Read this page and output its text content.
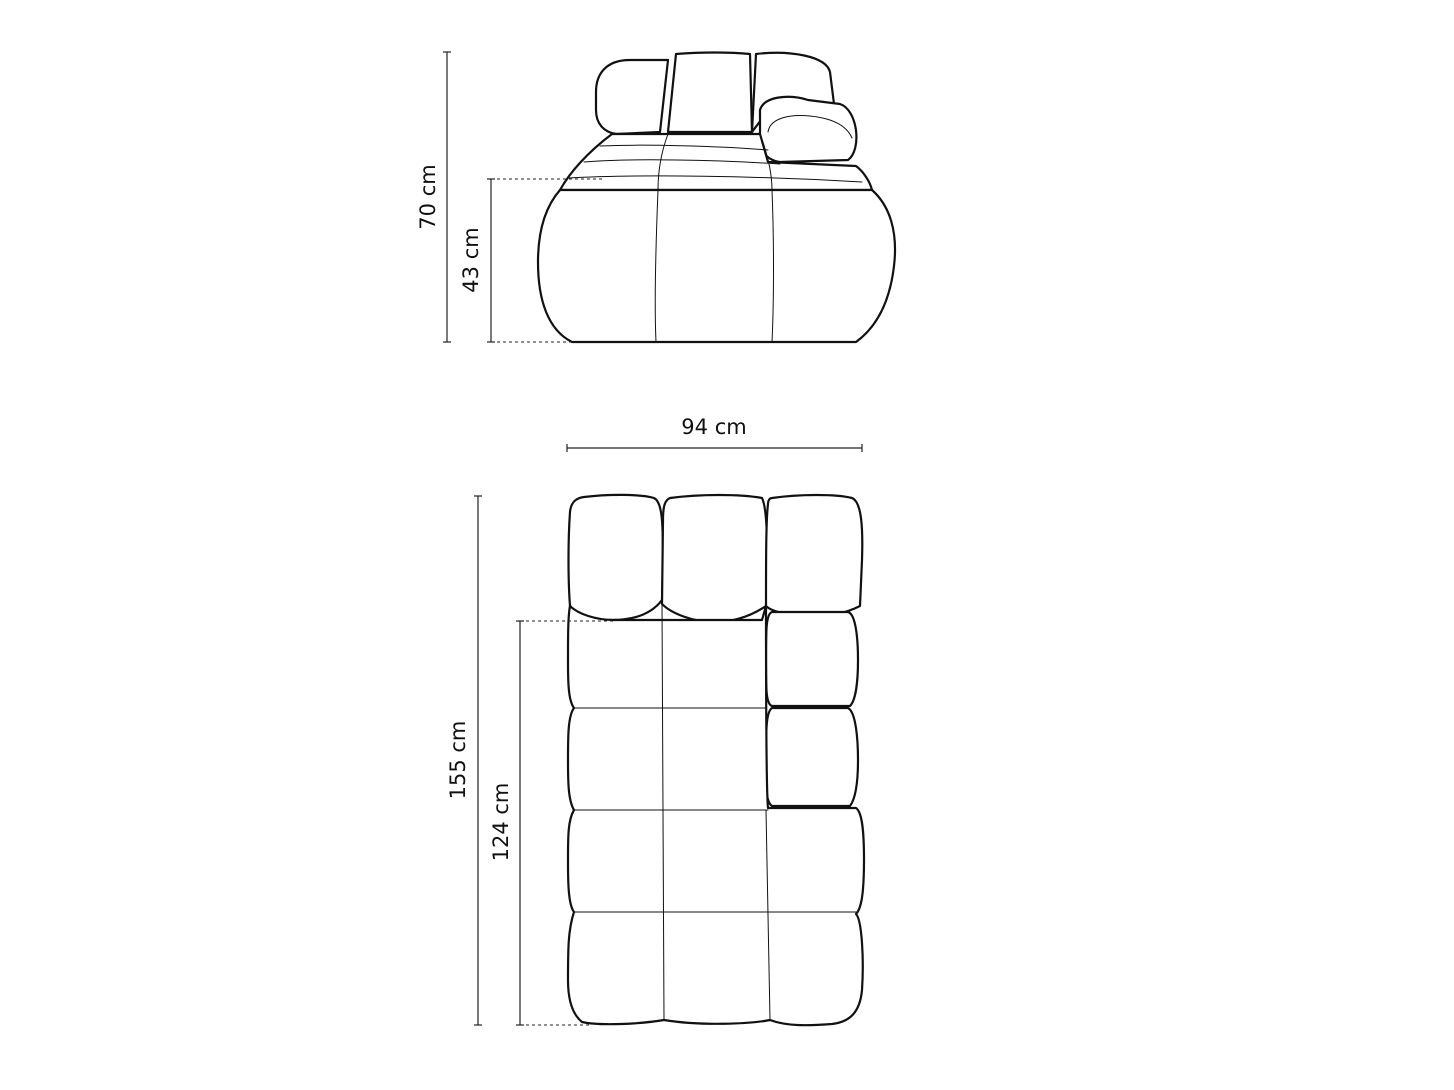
70 cm
43 cm
94 cm
155 cm
124 cm
